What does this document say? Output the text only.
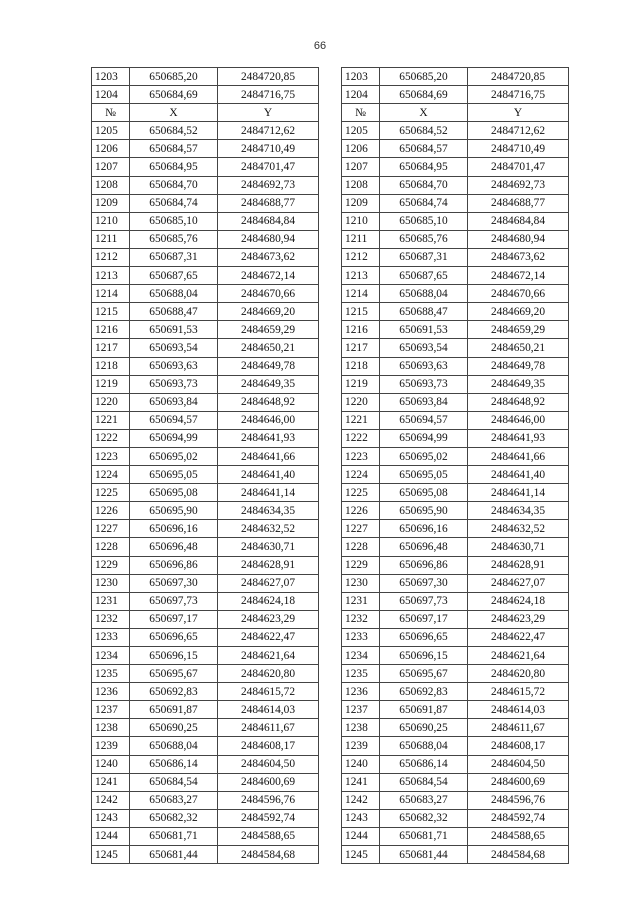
66
1203	650685,20	2484720,85		1203	650685,20	2484720,85
1204	650684,69	2484716,75		1204	650684,69	2484716,75
№	X	Y		№	X	Y
1205	650684,52	2484712,62		1205	650684,52	2484712,62
1206	650684,57	2484710,49		1206	650684,57	2484710,49
1207	650684,95	2484701,47		1207	650684,95	2484701,47
1208	650684,70	2484692,73		1208	650684,70	2484692,73
1209	650684,74	2484688,77		1209	650684,74	2484688,77
1210	650685,10	2484684,84		1210	650685,10	2484684,84
1211	650685,76	2484680,94		1211	650685,76	2484680,94
1212	650687,31	2484673,62		1212	650687,31	2484673,62
1213	650687,65	2484672,14		1213	650687,65	2484672,14
1214	650688,04	2484670,66		1214	650688,04	2484670,66
1215	650688,47	2484669,20		1215	650688,47	2484669,20
1216	650691,53	2484659,29		1216	650691,53	2484659,29
1217	650693,54	2484650,21		1217	650693,54	2484650,21
1218	650693,63	2484649,78		1218	650693,63	2484649,78
1219	650693,73	2484649,35		1219	650693,73	2484649,35
1220	650693,84	2484648,92		1220	650693,84	2484648,92
1221	650694,57	2484646,00		1221	650694,57	2484646,00
1222	650694,99	2484641,93		1222	650694,99	2484641,93
1223	650695,02	2484641,66		1223	650695,02	2484641,66
1224	650695,05	2484641,40		1224	650695,05	2484641,40
1225	650695,08	2484641,14		1225	650695,08	2484641,14
1226	650695,90	2484634,35		1226	650695,90	2484634,35
1227	650696,16	2484632,52		1227	650696,16	2484632,52
1228	650696,48	2484630,71		1228	650696,48	2484630,71
1229	650696,86	2484628,91		1229	650696,86	2484628,91
1230	650697,30	2484627,07		1230	650697,30	2484627,07
1231	650697,73	2484624,18		1231	650697,73	2484624,18
1232	650697,17	2484623,29		1232	650697,17	2484623,29
1233	650696,65	2484622,47		1233	650696,65	2484622,47
1234	650696,15	2484621,64		1234	650696,15	2484621,64
1235	650695,67	2484620,80		1235	650695,67	2484620,80
1236	650692,83	2484615,72		1236	650692,83	2484615,72
1237	650691,87	2484614,03		1237	650691,87	2484614,03
1238	650690,25	2484611,67		1238	650690,25	2484611,67
1239	650688,04	2484608,17		1239	650688,04	2484608,17
1240	650686,14	2484604,50		1240	650686,14	2484604,50
1241	650684,54	2484600,69		1241	650684,54	2484600,69
1242	650683,27	2484596,76		1242	650683,27	2484596,76
1243	650682,32	2484592,74		1243	650682,32	2484592,74
1244	650681,71	2484588,65		1244	650681,71	2484588,65
1245	650681,44	2484584,68		1245	650681,44	2484584,68
